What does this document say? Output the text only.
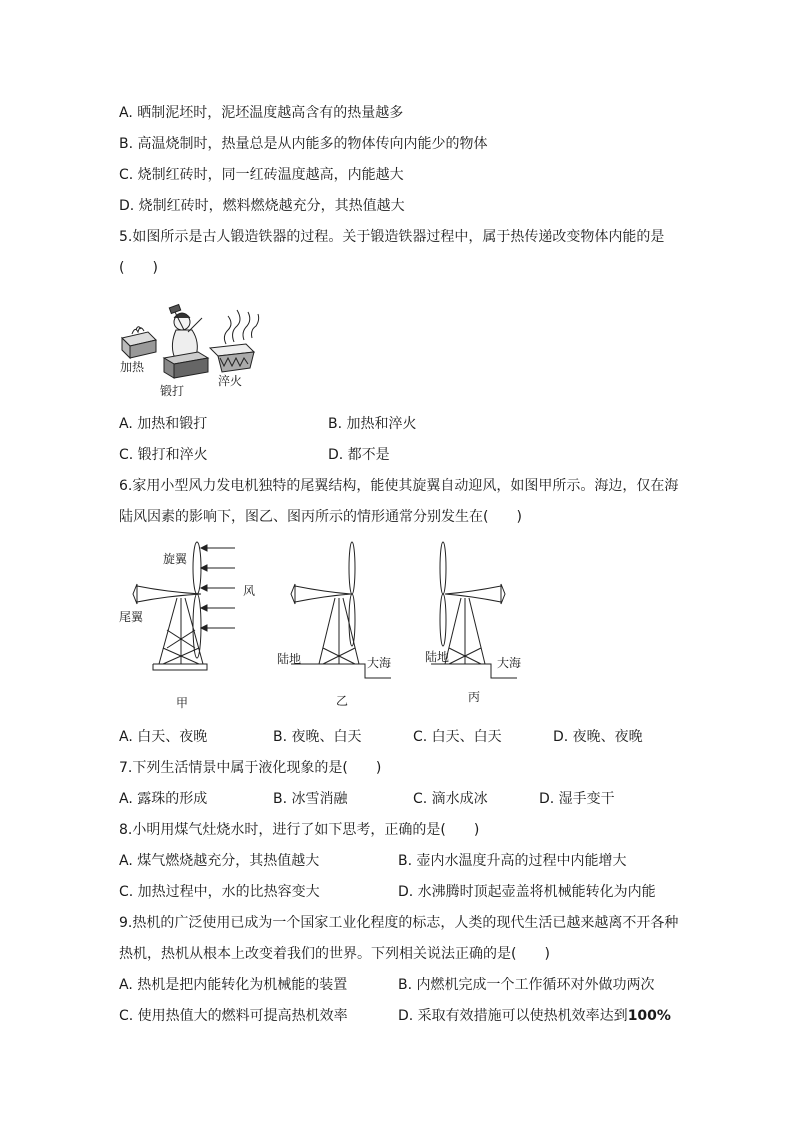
A. 晒制泥坯时，泥坯温度越高含有的热量越多
B. 高温烧制时，热量总是从内能多的物体传向内能少的物体
C. 烧制红砖时，同一红砖温度越高，内能越大
D. 烧制红砖时，燃料燃烧越充分，其热值越大
5.如图所示是古人锻造铁器的过程。关于锻造铁器过程中，属于热传递改变物体内能的是
(　　)
加热
锻打
淬火
A. 加热和锻打	B. 加热和淬火
C. 锻打和淬火	D. 都不是
6.家用小型风力发电机独特的尾翼结构，能使其旋翼自动迎风，如图甲所示。海边，仅在海
陆风因素的影响下，图乙、图丙所示的情形通常分别发生在(　　)
旋翼
风
尾翼
陆地	大海	陆地	大海
甲	乙	丙
A. 白天、夜晚	B. 夜晚、白天	C. 白天、白天	D. 夜晚、夜晚
7.下列生活情景中属于液化现象的是(　　)
A. 露珠的形成	B. 冰雪消融	C. 滴水成冰	D. 湿手变干
8.小明用煤气灶烧水时，进行了如下思考，正确的是(　　)
A. 煤气燃烧越充分，其热值越大	B. 壶内水温度升高的过程中内能增大
C. 加热过程中，水的比热容变大	D. 水沸腾时顶起壶盖将机械能转化为内能
9.热机的广泛使用已成为一个国家工业化程度的标志，人类的现代生活已越来越离不开各种
热机，热机从根本上改变着我们的世界。下列相关说法正确的是(　　)
A. 热机是把内能转化为机械能的装置	B. 内燃机完成一个工作循环对外做功两次
C. 使用热值大的燃料可提高热机效率	D. 采取有效措施可以使热机效率达到100%
